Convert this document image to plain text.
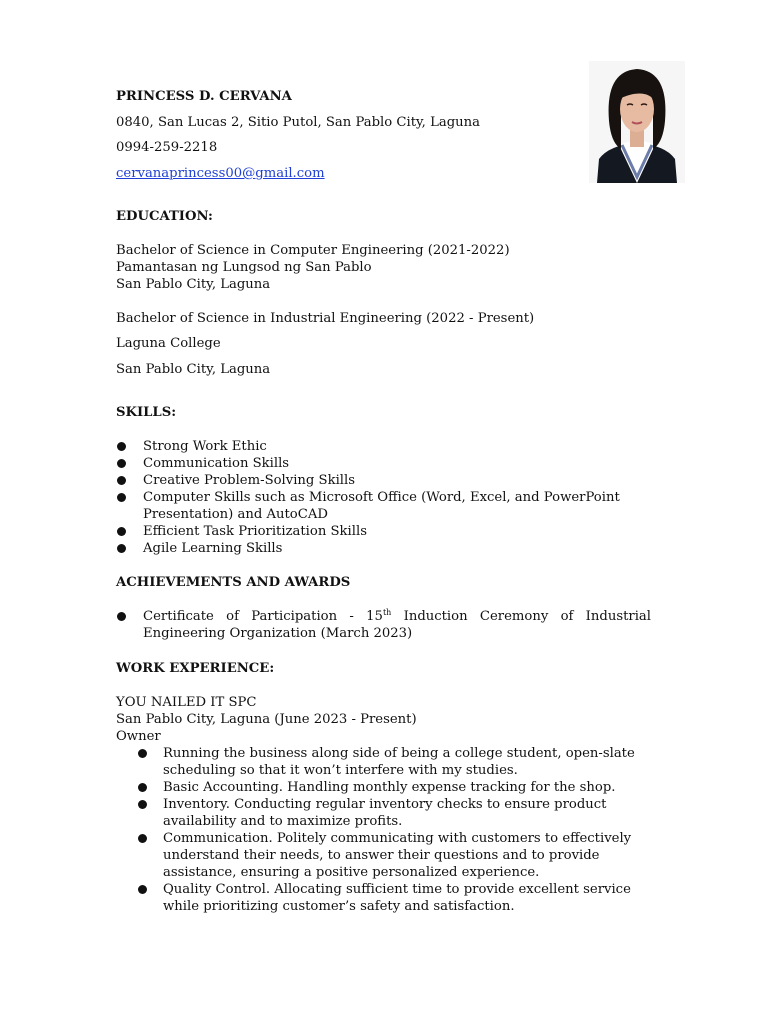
PRINCESS D. CERVANA
0840, San Lucas 2, Sitio Putol, San Pablo City, Laguna
0994-259-2218
cervanaprincess00@gmail.com
EDUCATION:
Bachelor of Science in Computer Engineering (2021-2022)
Pamantasan ng Lungsod ng San Pablo
San Pablo City, Laguna
Bachelor of Science in Industrial Engineering (2022 - Present)
Laguna College
San Pablo City, Laguna
SKILLS:
Strong Work Ethic
Communication Skills
Creative Problem-Solving Skills
Computer Skills such as Microsoft Office (Word, Excel, and PowerPoint Presentation) and AutoCAD
Efficient Task Prioritization Skills
Agile Learning Skills
ACHIEVEMENTS AND AWARDS
Certificate of Participation - 15th Induction Ceremony of Industrial Engineering Organization (March 2023)
WORK EXPERIENCE:
YOU NAILED IT SPC
San Pablo City, Laguna (June 2023 - Present)
Owner
Running the business along side of being a college student, open-slate scheduling so that it won’t interfere with my studies.
Basic Accounting. Handling monthly expense tracking for the shop.
Inventory. Conducting regular inventory checks to ensure product availability and to maximize profits.
Communication. Politely communicating with customers to effectively understand their needs, to answer their questions and to provide assistance, ensuring a positive personalized experience.
Quality Control. Allocating sufficient time to provide excellent service while prioritizing customer’s safety and satisfaction.
